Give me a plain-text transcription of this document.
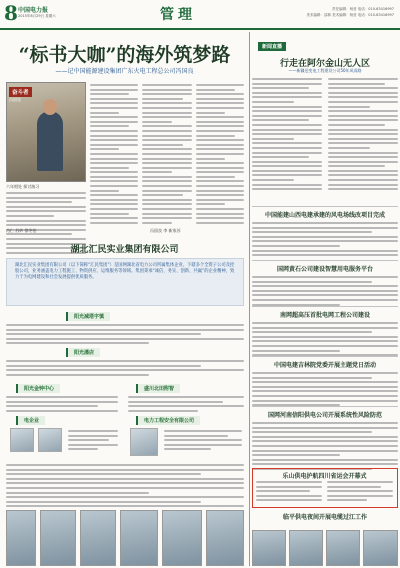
8 中国电力报
2015年8月29日 星期六	管理	责任编辑：杨晋 电话：010-63416997
美术编辑：邵林 美术编辑：杨晋 电话：010-63416997
“标书大咖”的海外筑梦路
——记中国能源建设集团广东火电工程总公司冯国良
奋斗者
冯国良
六年相处 探讨演习
肖仁 苏妙 徐冬怡	冯国良 李 新家苏
湖北汇民实业集团有限公司
湖北汇民实业集团有限公司（以下简称“汇民集团”）是国网湖北省电力公司所属集体企业，下辖多个全资子公司及控股公司，业务涵盖电力工程施工、物资供应、运维服务等领域。集团秉承“诚信、务实、创新、共赢”的企业精神，致力于为电网建设和社会发展提供优质服务。
阳光减塔字慎
阳光潘店
阳光金钟中心	盛川北田附智
电企业	电力工程安全有限公司
新闻直播
行走在阿尔金山无人区
——新疆送变电工程建设公司50年风雨路
中国能建山西电建承建的风电场线改项目完成
国网黄石公司建设智慧用电服务平台
南网超高压首批电网工程公司建设
中国电建吉林院党委开展主题党日活动
国网河南信阳供电公司开展系统性风险防范
乐山供电护航四川省运会开幕式
临平供电夜间开展电缆过江工作
